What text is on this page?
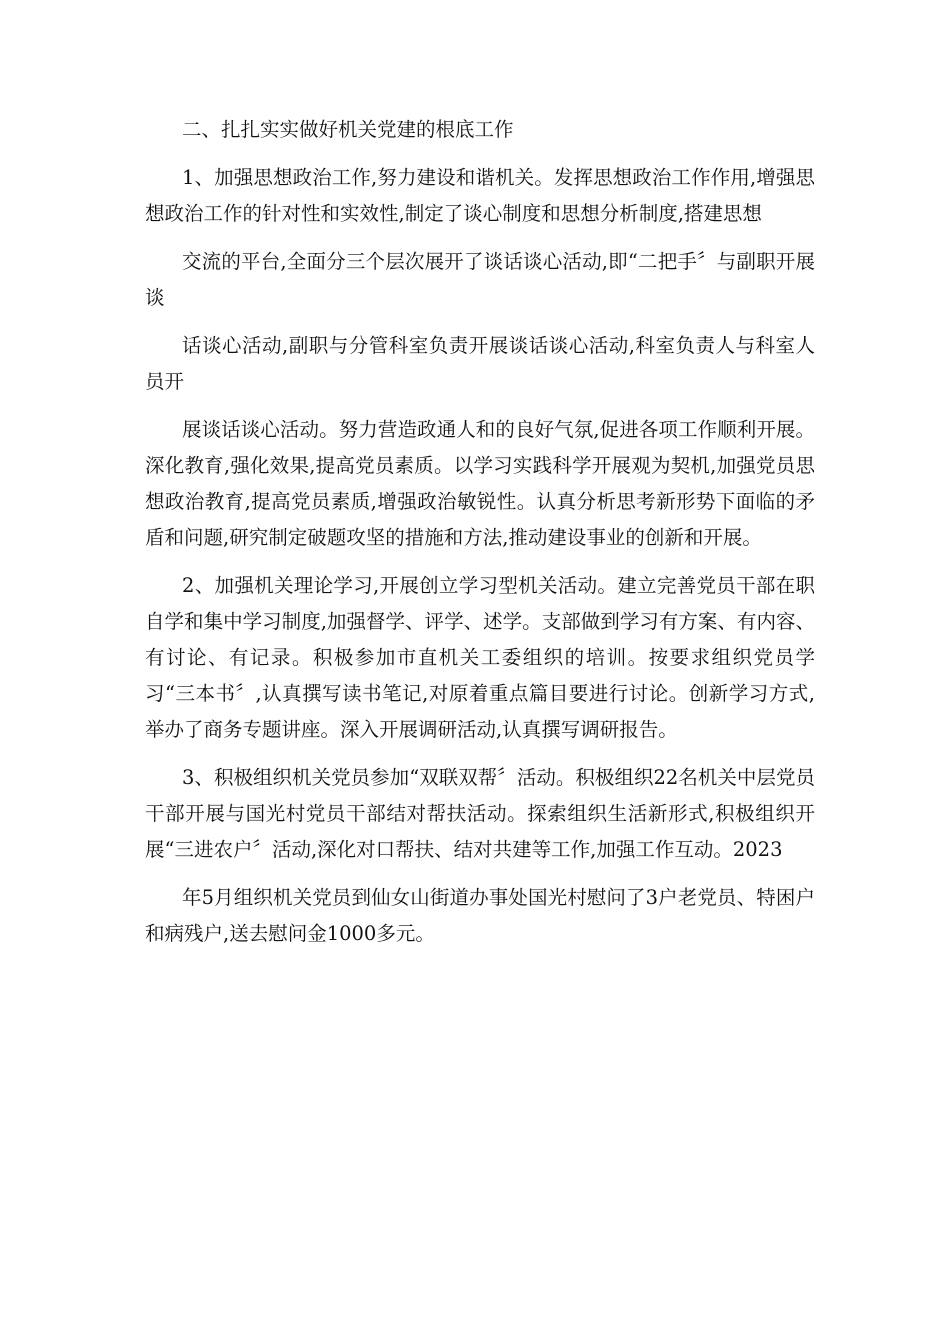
二、扎扎实实做好机关党建的根底工作

1、加强思想政治工作,努力建设和谐机关。发挥思想政治工作作用,增强思想政治工作的针对性和实效性,制定了谈心制度和思想分析制度,搭建思想

交流的平台,全面分三个层次展开了谈话谈心活动,即“二把手〞与副职开展谈

话谈心活动,副职与分管科室负责开展谈话谈心活动,科室负责人与科室人员开

展谈话谈心活动。努力营造政通人和的良好气氛,促进各项工作顺利开展。深化教育,强化效果,提高党员素质。以学习实践科学开展观为契机,加强党员思想政治教育,提高党员素质,增强政治敏锐性。认真分析思考新形势下面临的矛盾和问题,研究制定破题攻坚的措施和方法,推动建设事业的创新和开展。

2、加强机关理论学习,开展创立学习型机关活动。建立完善党员干部在职自学和集中学习制度,加强督学、评学、述学。支部做到学习有方案、有内容、有讨论、有记录。积极参加市直机关工委组织的培训。按要求组织党员学习“三本书〞,认真撰写读书笔记,对原着重点篇目要进行讨论。创新学习方式,举办了商务专题讲座。深入开展调研活动,认真撰写调研报告。

3、积极组织机关党员参加“双联双帮〞活动。积极组织22名机关中层党员干部开展与国光村党员干部结对帮扶活动。探索组织生活新形式,积极组织开展“三进农户〞活动,深化对口帮扶、结对共建等工作,加强工作互动。2023

年5月组织机关党员到仙女山街道办事处国光村慰问了3户老党员、特困户和病残户,送去慰问金1000多元。
